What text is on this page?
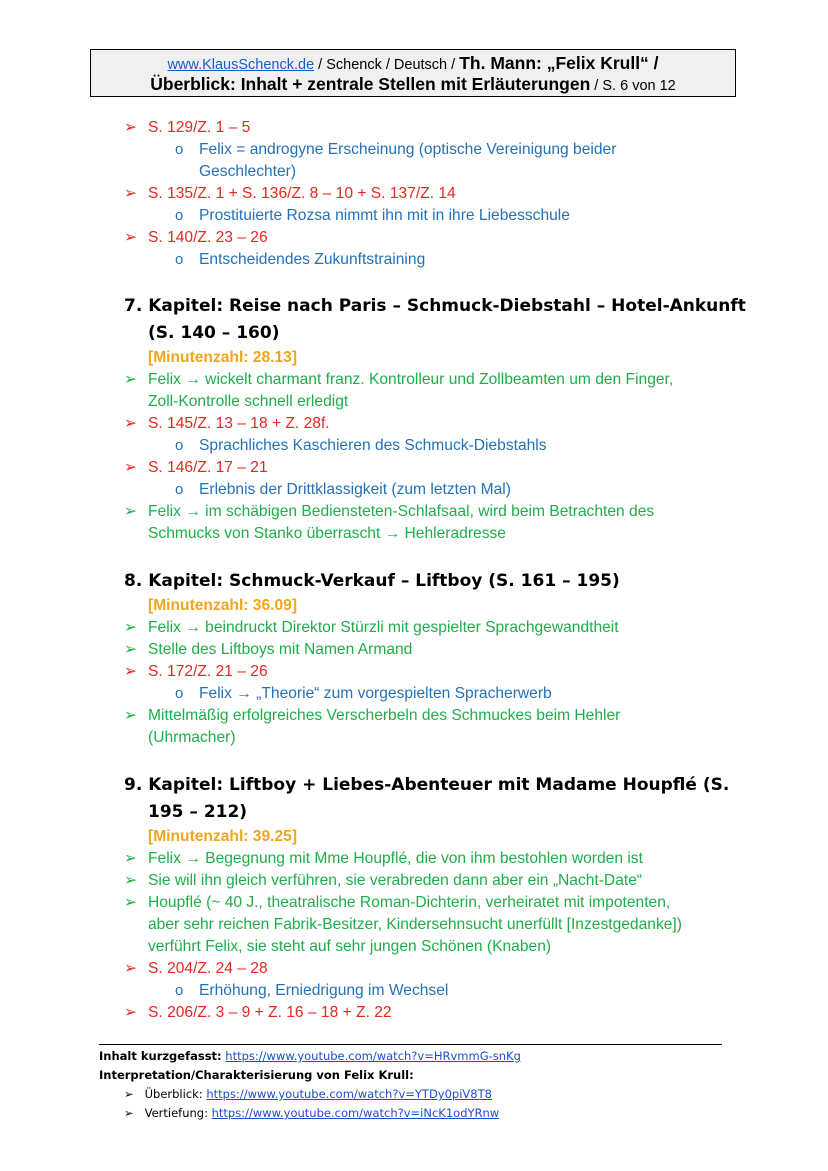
www.KlausSchenck.de / Schenck / Deutsch / Th. Mann: „Felix Krull“ /
Überblick: Inhalt + zentrale Stellen mit Erläuterungen / S. 6 von 12
➢ S. 129/Z. 1 – 5
o Felix = androgyne Erscheinung (optische Vereinigung beider
Geschlechter)
➢ S. 135/Z. 1 + S. 136/Z. 8 – 10 + S. 137/Z. 14
o Prostituierte Rozsa nimmt ihn mit in ihre Liebesschule
➢ S. 140/Z. 23 – 26
o Entscheidendes Zukunftstraining
7. Kapitel: Reise nach Paris – Schmuck-Diebstahl – Hotel-Ankunft
(S. 140 – 160)
[Minutenzahl: 28.13]
➢ Felix → wickelt charmant franz. Kontrolleur und Zollbeamten um den Finger,
Zoll-Kontrolle schnell erledigt
➢ S. 145/Z. 13 – 18 + Z. 28f.
o Sprachliches Kaschieren des Schmuck-Diebstahls
➢ S. 146/Z. 17 – 21
o Erlebnis der Drittklassigkeit (zum letzten Mal)
➢ Felix → im schäbigen Bediensteten-Schlafsaal, wird beim Betrachten des
Schmucks von Stanko überrascht → Hehleradresse
8. Kapitel: Schmuck-Verkauf – Liftboy (S. 161 – 195)
[Minutenzahl: 36.09]
➢ Felix → beindruckt Direktor Stürzli mit gespielter Sprachgewandtheit
➢ Stelle des Liftboys mit Namen Armand
➢ S. 172/Z. 21 – 26
o Felix → „Theorie“ zum vorgespielten Spracherwerb
➢ Mittelmäßig erfolgreiches Verscherbeln des Schmuckes beim Hehler
(Uhrmacher)
9. Kapitel: Liftboy + Liebes-Abenteuer mit Madame Houpflé (S.
195 – 212)
[Minutenzahl: 39.25]
➢ Felix → Begegnung mit Mme Houpflé, die von ihm bestohlen worden ist
➢ Sie will ihn gleich verführen, sie verabreden dann aber ein „Nacht-Date“
➢ Houpflé (~ 40 J., theatralische Roman-Dichterin, verheiratet mit impotenten,
aber sehr reichen Fabrik-Besitzer, Kindersehnsucht unerfüllt [Inzestgedanke])
verführt Felix, sie steht auf sehr jungen Schönen (Knaben)
➢ S. 204/Z. 24 – 28
o Erhöhung, Erniedrigung im Wechsel
➢ S. 206/Z. 3 – 9 + Z. 16 – 18 + Z. 22
Inhalt kurzgefasst: https://www.youtube.com/watch?v=HRvmmG-snKg
Interpretation/Charakterisierung von Felix Krull:
➢ Überblick: https://www.youtube.com/watch?v=YTDy0piV8T8
➢ Vertiefung: https://www.youtube.com/watch?v=iNcK1odYRnw
